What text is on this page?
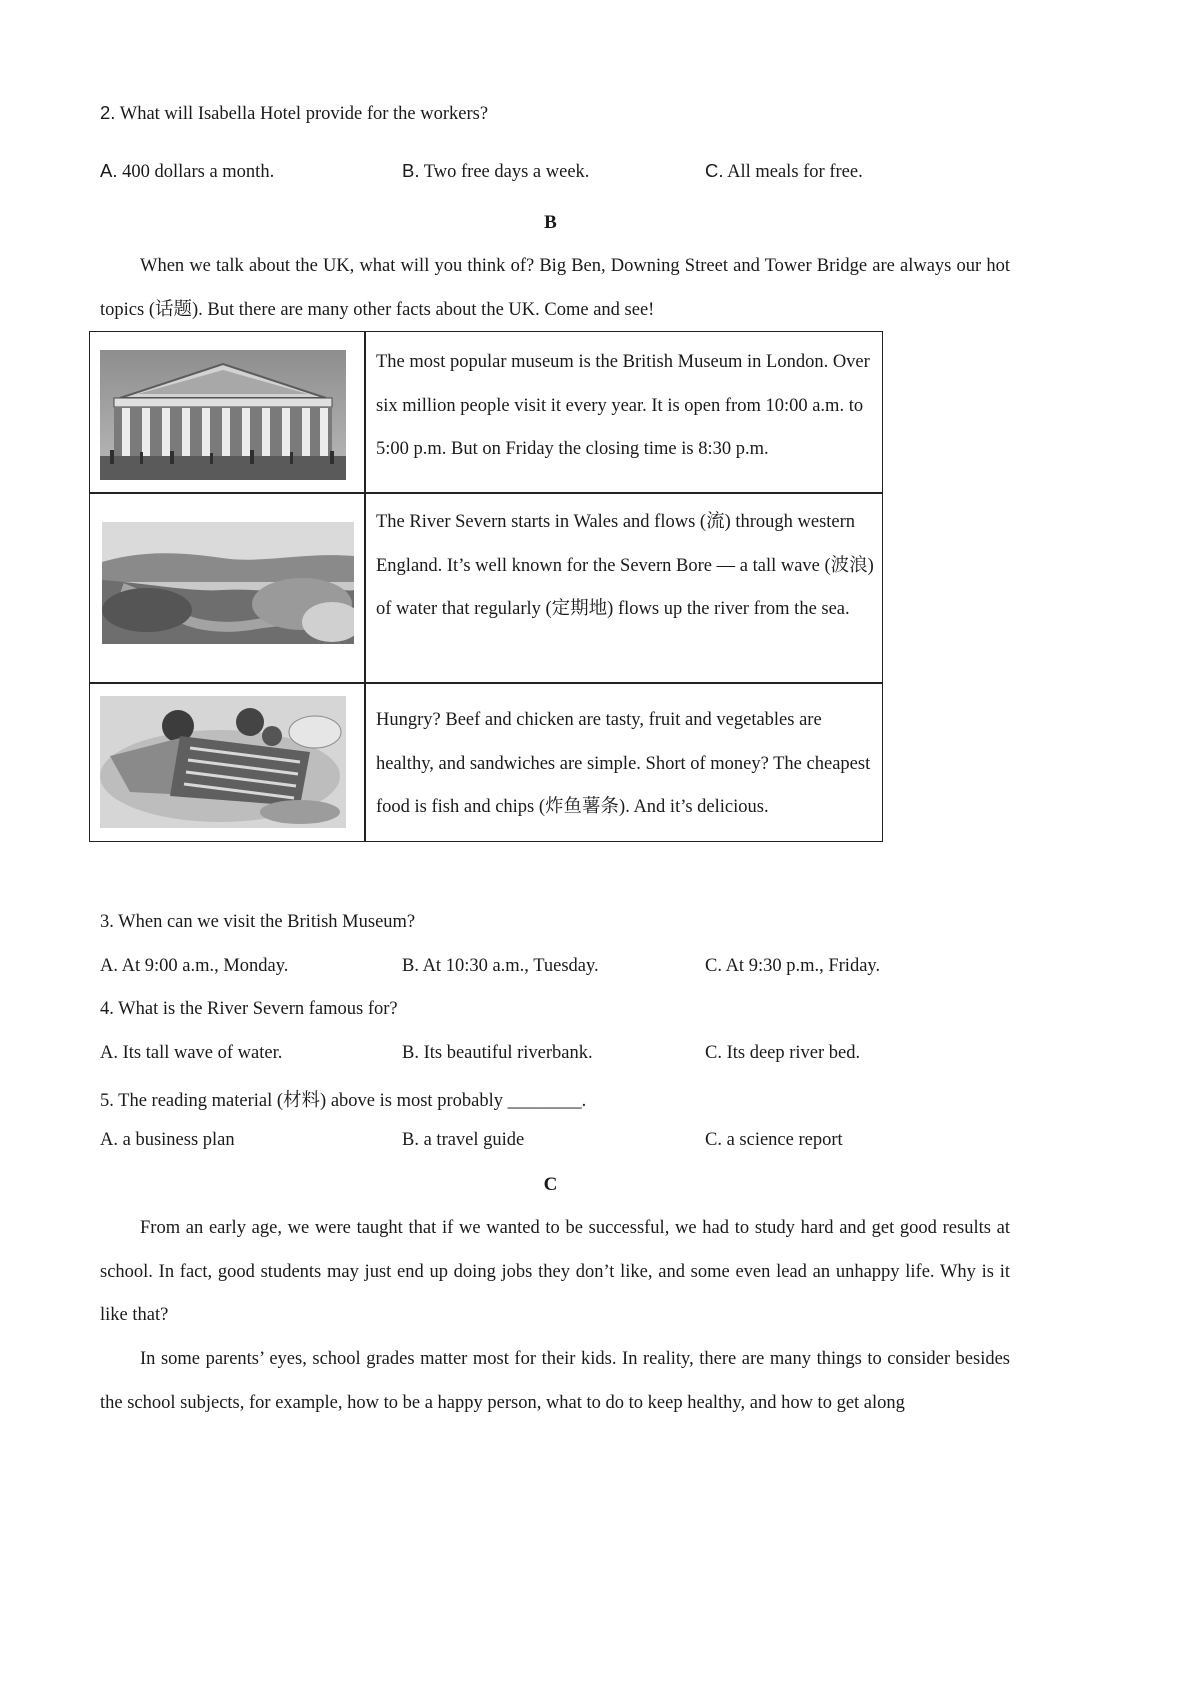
2. What will Isabella Hotel provide for the workers?
A. 400 dollars a month.	B. Two free days a week.	C. All meals for free.
B
When we talk about the UK, what will you think of? Big Ben, Downing Street and Tower Bridge are always our hot topics (话题). But there are many other facts about the UK. Come and see!
The most popular museum is the British Museum in London. Over six million people visit it every year. It is open from 10:00 a.m. to 5:00 p.m. But on Friday the closing time is 8:30 p.m.
The River Severn starts in Wales and flows (流) through western England. It’s well known for the Severn Bore — a tall wave (波浪) of water that regularly (定期地) flows up the river from the sea.
Hungry? Beef and chicken are tasty, fruit and vegetables are healthy, and sandwiches are simple. Short of money? The cheapest food is fish and chips (炸鱼薯条). And it’s delicious.
3. When can we visit the British Museum?
A. At 9:00 a.m., Monday.	B. At 10:30 a.m., Tuesday.	C. At 9:30 p.m., Friday.
4. What is the River Severn famous for?
A. Its tall wave of water.	B. Its beautiful riverbank.	C. Its deep river bed.
5. The reading material (材料) above is most probably ________.
A. a business plan	B. a travel guide	C. a science report
C
From an early age, we were taught that if we wanted to be successful, we had to study hard and get good results at school. In fact, good students may just end up doing jobs they don’t like, and some even lead an unhappy life. Why is it like that?
In some parents’ eyes, school grades matter most for their kids. In reality, there are many things to consider besides the school subjects, for example, how to be a happy person, what to do to keep healthy, and how to get along
